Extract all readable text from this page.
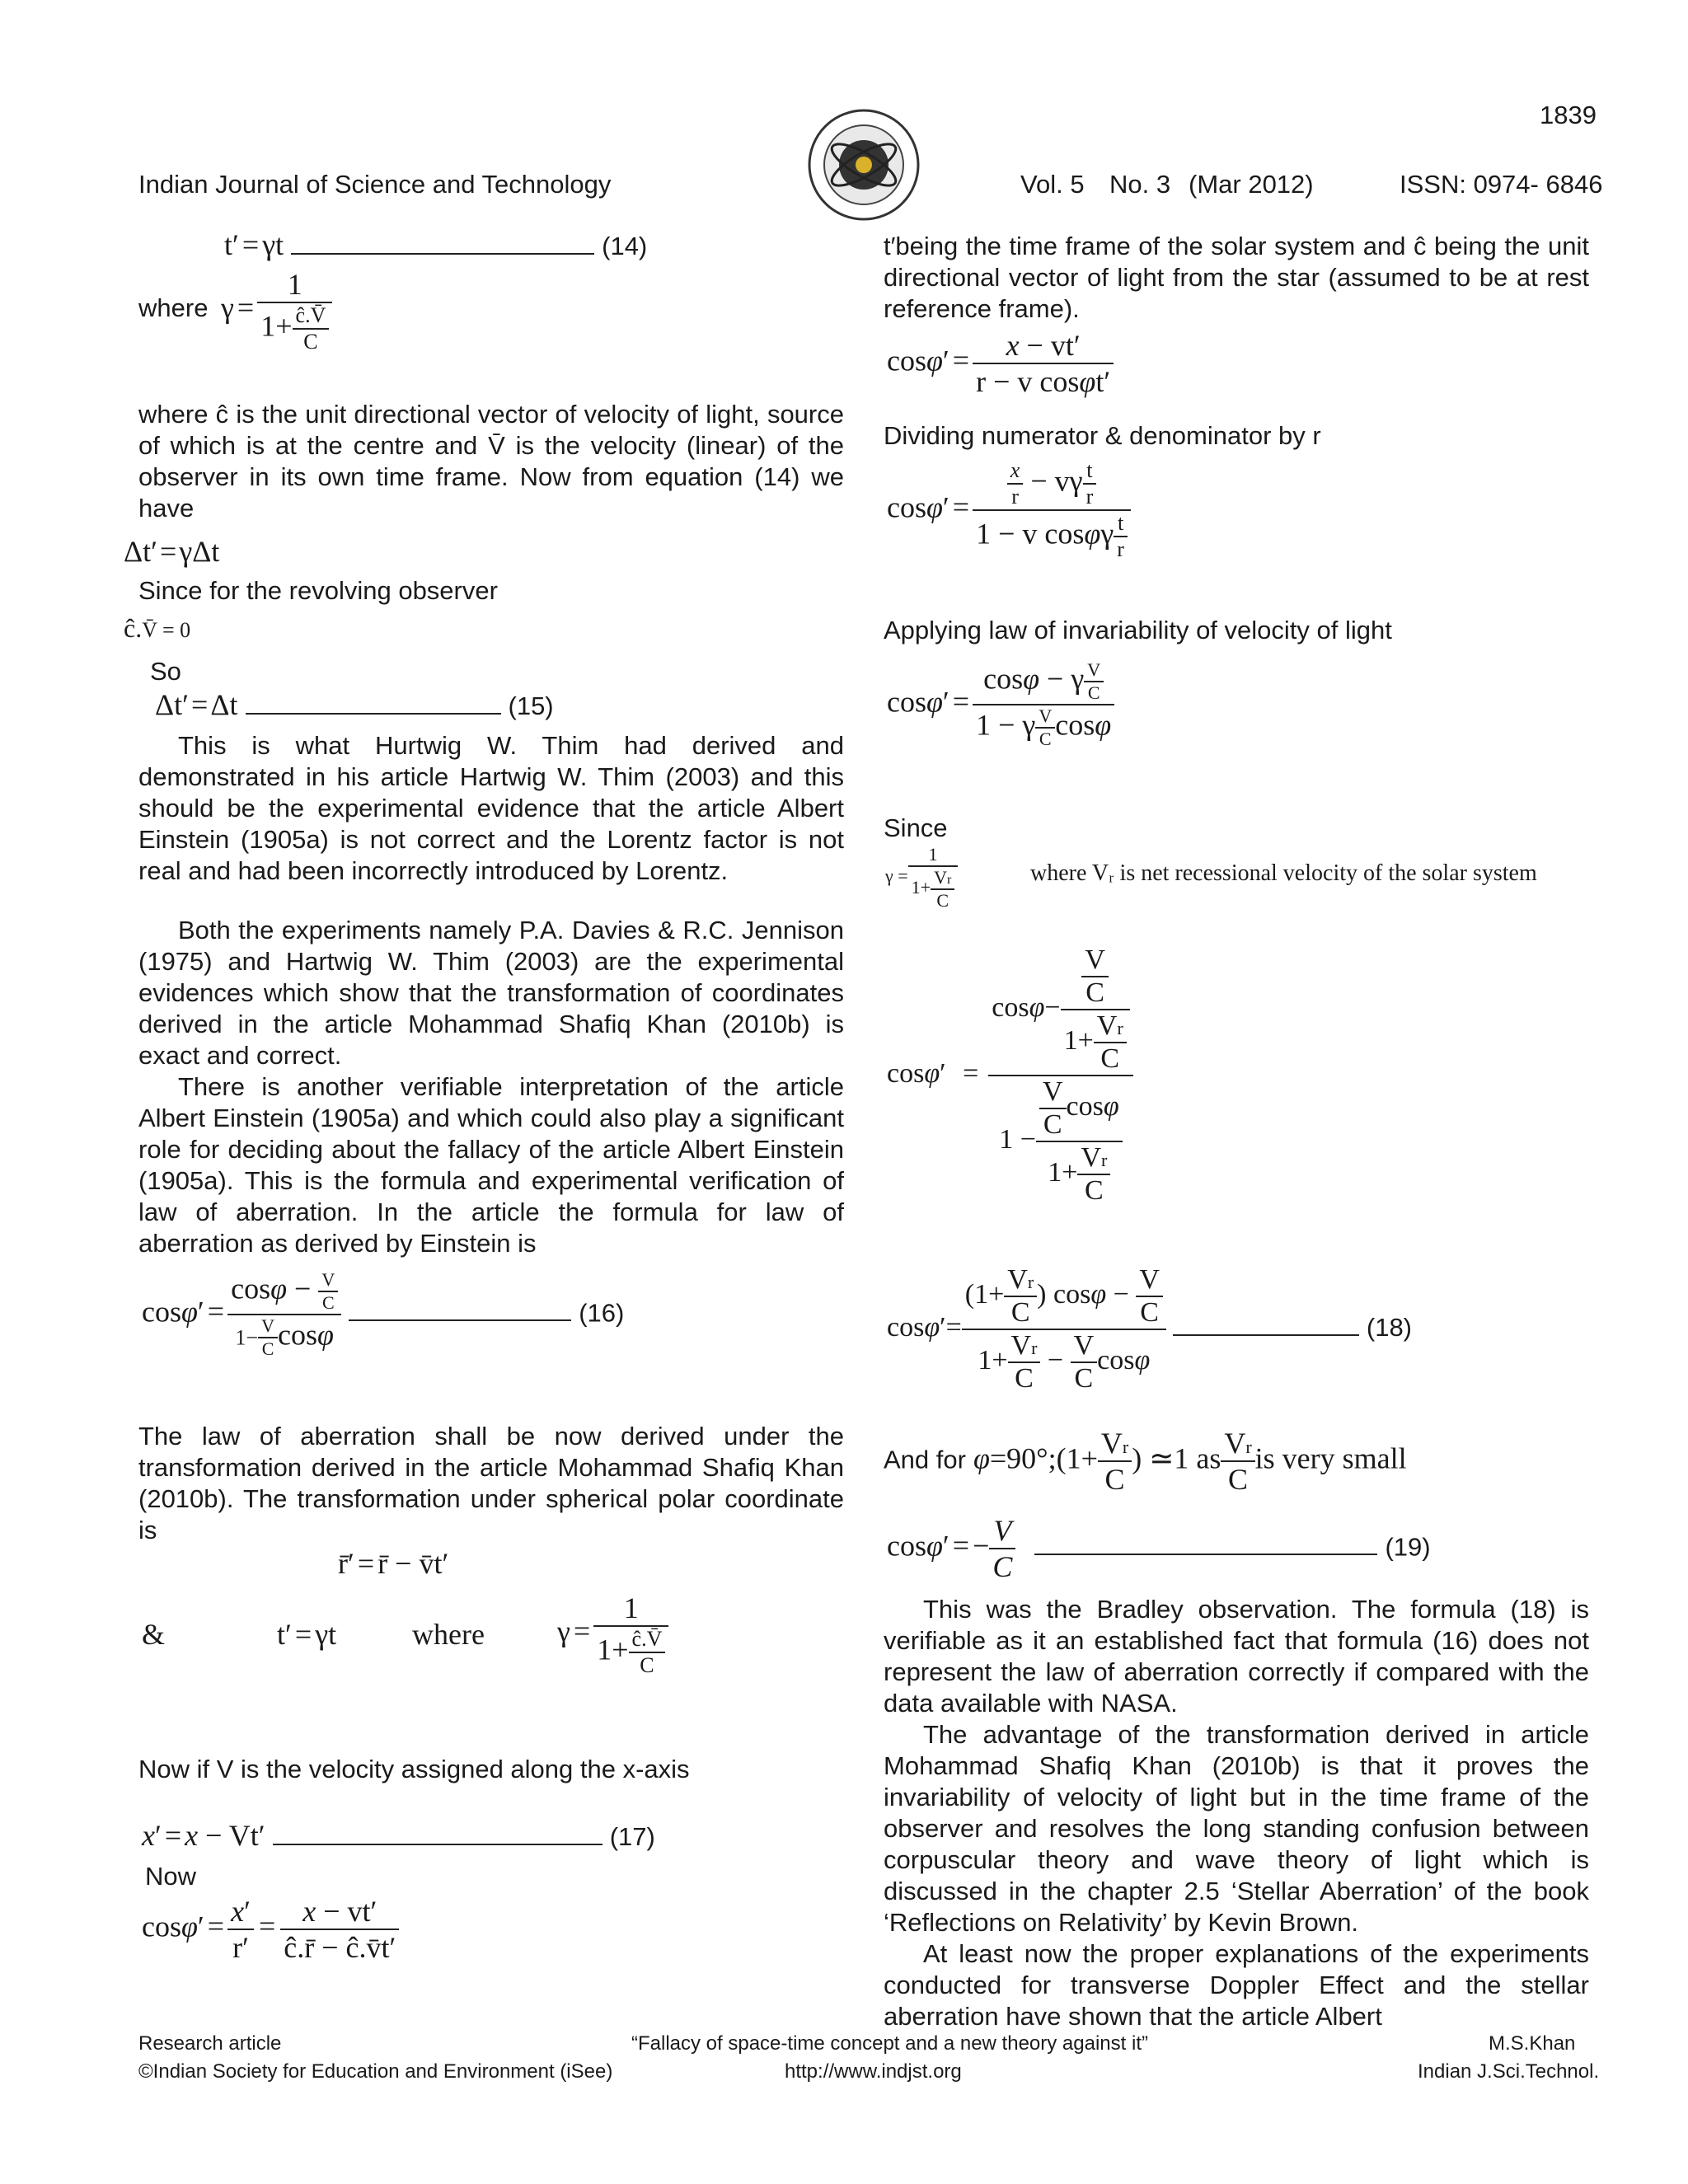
1839
Indian Journal of Science and Technology	Vol. 5 No. 3 (Mar 2012)	ISSN: 0974- 6846
t′ = γt	(14)
where $\gamma = \frac{1}{1+ \frac{ĉ.V̄}{C}}$
where ĉ is the unit directional vector of velocity of light, source of which is at the centre and V̄ is the velocity (linear) of the observer in its own time frame. Now from equation (14) we have
Δt′=γΔt
Since for the revolving observer
ĉ.V̄ = 0
So
Δt′=Δt	(15)
This is what Hurtwig W. Thim had derived and demonstrated in his article Hartwig W. Thim (2003) and this should be the experimental evidence that the article Albert Einstein (1905a) is not correct and the Lorentz factor is not real and had been incorrectly introduced by Lorentz.
Both the experiments namely P.A. Davies & R.C. Jennison (1975) and Hartwig W. Thim (2003) are the experimental evidences which show that the transformation of coordinates derived in the article Mohammad Shafiq Khan (2010b) is exact and correct.
There is another verifiable interpretation of the article Albert Einstein (1905a) and which could also play a significant role for deciding about the fallacy of the article Albert Einstein (1905a). This is the formula and experimental verification of law of aberration. In the article the formula for law of aberration as derived by Einstein is
$\cos\varphi' = \frac{\cos\varphi - \frac{V}{C}}{1- \frac{V}{C} \cos\varphi}$	(16)
The law of aberration shall be now derived under the transformation derived in the article Mohammad Shafiq Khan (2010b). The transformation under spherical polar coordinate is
r̄′ = r̄ − v̄t′
&	t′ = γt	where $\gamma = \frac{1}{1+ \frac{ĉ.V̄}{C}}$
Now if V is the velocity assigned along the x-axis
x′ = x − Vt′	(17)
Now
$\cos\varphi' = \frac{x'}{r'} = \frac{x - vt'}{ĉ.r̄ - ĉ.v̄t'}$
t′being the time frame of the solar system and ĉ being the unit directional vector of light from the star (assumed to be at rest reference frame).
$\cos\varphi' = \frac{x - vt'}{\text{r − v cosφt′}}$
Dividing numerator & denominator by r
$\cos\varphi' = \frac{\frac{x}{r} - v\gamma \frac{t}{r}}{1 - v \cos\varphi\gamma \frac{t}{r}}$
Applying law of invariability of velocity of light
$\cos\varphi' = \frac{\cos\varphi - \gamma \frac{V}{C}}{1 - \gamma \frac{V}{C} \cos\varphi}$
Since
$\gamma = \frac{1}{1+ \frac{Vr}{C}}$	where Vᵣ is net recessional velocity of the solar system
$\cos\varphi' = \frac{\cos\varphi- \frac{\frac{V}{C}}{1+ \frac{Vr}{C}}}{1 - \frac{\frac{V}{C} \cos\varphi}{1+ \frac{Vr}{C}}}$
$\cos\varphi'= \frac{(1+ \frac{Vr}{C} ) \cos\varphi - \frac{V}{C}}{1+ \frac{Vr}{C} - \frac{V}{C} \cos\varphi}$	(18)
And for φ=90°;(1+ $\frac{Vr}{C}$ ) ≃1 as $\frac{Vr}{C}$ is very small
cosφ′ = − $\frac{V}{C}$	(19)
This was the Bradley observation. The formula (18) is verifiable as it an established fact that formula (16) does not represent the law of aberration correctly if compared with the data available with NASA.
The advantage of the transformation derived in article Mohammad Shafiq Khan (2010b) is that it proves the invariability of velocity of light but in the time frame of the observer and resolves the long standing confusion between corpuscular theory and wave theory of light which is discussed in the chapter 2.5 ‘Stellar Aberration’ of the book ‘Reflections on Relativity’ by Kevin Brown.
At least now the proper explanations of the experiments conducted for transverse Doppler Effect and the stellar aberration have shown that the article Albert
Research article	“Fallacy of space-time concept and a new theory against it”	M.S.Khan
©Indian Society for Education and Environment (iSee)	http://www.indjst.org	Indian J.Sci.Technol.
